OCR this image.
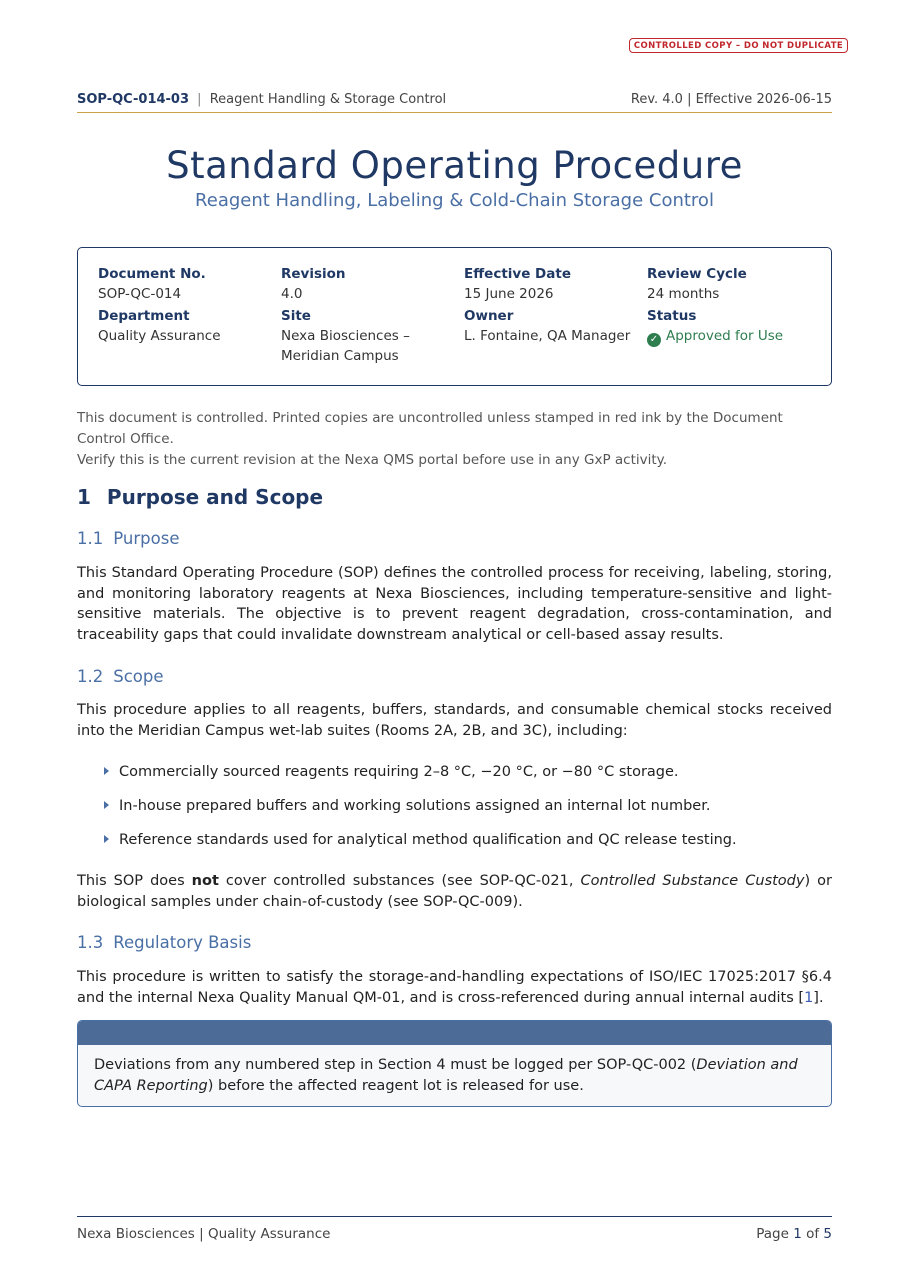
CONTROLLED COPY – DO NOT DUPLICATE
SOP-QC-014-03 | Reagent Handling & Storage Control	Rev. 4.0 | Effective 2026-06-15
Standard Operating Procedure
Reagent Handling, Labeling & Cold-Chain Storage Control
Document No.
SOP-QC-014
Revision
4.0
Effective Date
15 June 2026
Review Cycle
24 months
Department
Quality Assurance
Site
Nexa Biosciences –
Meridian Campus
Owner
L. Fontaine, QA Manager
Status
✓ Approved for Use
This document is controlled. Printed copies are uncontrolled unless stamped in red ink by the Document Control Office.
Verify this is the current revision at the Nexa QMS portal before use in any GxP activity.
1 Purpose and Scope
1.1 Purpose
This Standard Operating Procedure (SOP) defines the controlled process for receiving, labeling, storing, and monitoring laboratory reagents at Nexa Biosciences, including temperature-sensitive and light-sensitive materials. The objective is to prevent reagent degradation, cross-contamination, and traceability gaps that could invalidate downstream analytical or cell-based assay results.
1.2 Scope
This procedure applies to all reagents, buffers, standards, and consumable chemical stocks received into the Meridian Campus wet-lab suites (Rooms 2A, 2B, and 3C), including:
Commercially sourced reagents requiring 2–8 °C, −20 °C, or −80 °C storage.
In-house prepared buffers and working solutions assigned an internal lot number.
Reference standards used for analytical method qualification and QC release testing.
This SOP does not cover controlled substances (see SOP-QC-021, Controlled Substance Custody) or biological samples under chain-of-custody (see SOP-QC-009).
1.3 Regulatory Basis
This procedure is written to satisfy the storage-and-handling expectations of ISO/IEC 17025:2017 §6.4 and the internal Nexa Quality Manual QM-01, and is cross-referenced during annual internal audits [1].
Deviations from any numbered step in Section 4 must be logged per SOP-QC-002 (Deviation and CAPA Reporting) before the affected reagent lot is released for use.
Nexa Biosciences | Quality Assurance	Page 1 of 5
